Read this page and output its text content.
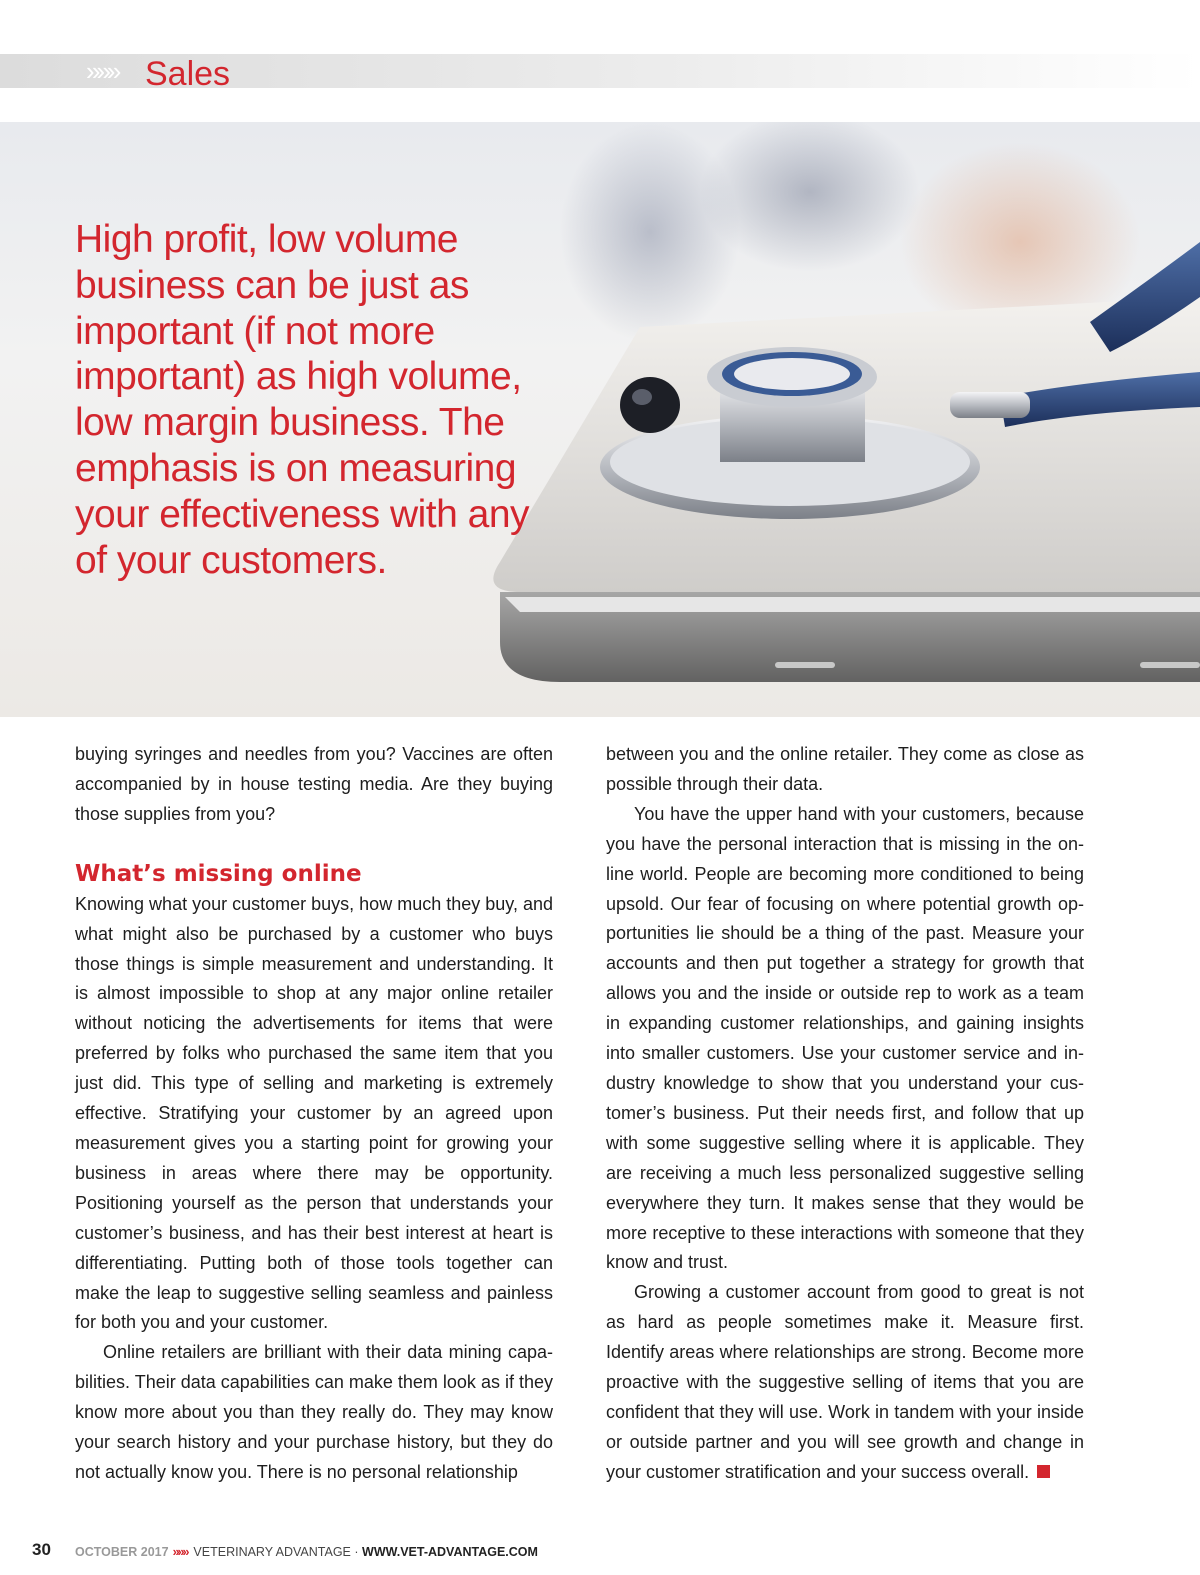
»»» Sales
High profit, low volume business can be just as important (if not more important) as high volume, low margin business. The emphasis is on measuring your effectiveness with any of your customers.

buying syringes and needles from you? Vaccines are often accompanied by in house testing media. Are they buying those supplies from you?

What’s missing online

Knowing what your customer buys, how much they buy, and what might also be purchased by a customer who buys those things is simple measurement and understanding. It is almost impossible to shop at any major online retailer without noticing the advertisements for items that were preferred by folks who purchased the same item that you just did. This type of selling and marketing is extremely effective. Stratifying your customer by an agreed upon measurement gives you a starting point for growing your business in areas where there may be opportunity. Positioning yourself as the person that understands your customer’s business, and has their best interest at heart is differentiating. Putting both of those tools together can make the leap to suggestive selling seamless and painless for both you and your customer.

Online retailers are brilliant with their data mining capabilities. Their data capabilities can make them look as if they know more about you than they really do. They may know your search history and your purchase history, but they do not actually know you. There is no personal relationship

between you and the online retailer. They come as close as possible through their data.

You have the upper hand with your customers, because you have the personal interaction that is missing in the online world. People are becoming more conditioned to being upsold. Our fear of focusing on where potential growth opportunities lie should be a thing of the past. Measure your accounts and then put together a strategy for growth that allows you and the inside or outside rep to work as a team in expanding customer relationships, and gaining insights into smaller customers. Use your customer service and industry knowledge to show that you understand your customer’s business. Put their needs first, and follow that up with some suggestive selling where it is applicable. They are receiving a much less personalized suggestive selling everywhere they turn. It makes sense that they would be more receptive to these interactions with someone that they know and trust.

Growing a customer account from good to great is not as hard as people sometimes make it. Measure first. Identify areas where relationships are strong. Become more proactive with the suggestive selling of items that you are confident that they will use. Work in tandem with your inside or outside partner and you will see growth and change in your customer stratification and your success overall.

30 OCTOBER 2017 »»» VETERINARY ADVANTAGE · WWW.VET-ADVANTAGE.COM
